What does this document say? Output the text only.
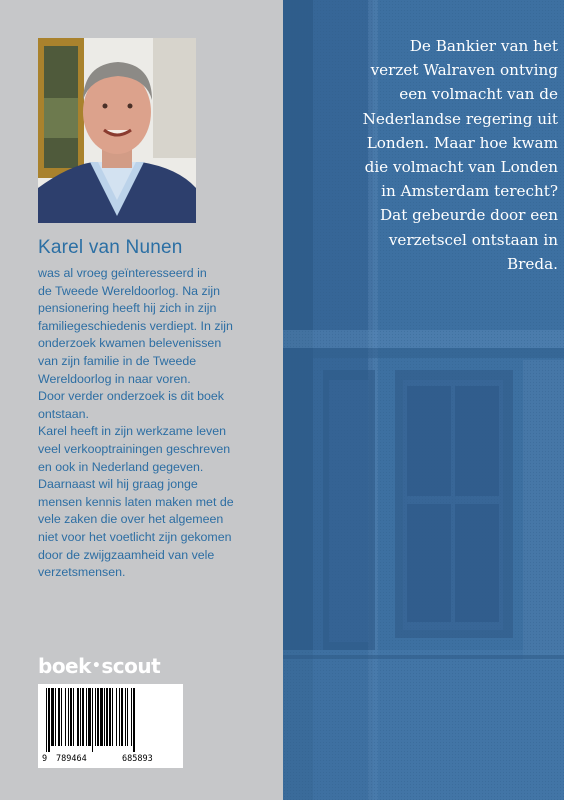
Karel van Nunen

was al vroeg geïnteresseerd in

de Tweede Wereldoorlog. Na zijn

pensionering heeft hij zich in zijn

familiegeschiedenis verdiept. In zijn

onderzoek kwamen belevenissen

van zijn familie in de Tweede

Wereldoorlog in naar voren.

Door verder onderzoek is dit boek

ontstaan.

Karel heeft in zijn werkzame leven

veel verkooptrainingen geschreven

en ook in Nederland gegeven.

Daarnaast wil hij graag jonge

mensen kennis laten maken met de

vele zaken die over het algemeen

niet voor het voetlicht zijn gekomen

door de zwijgzaamheid van vele

verzetsmensen.

boek•scout
9 789464	685893

De Bankier van het

verzet Walraven ontving

een volmacht van de

Nederlandse regering uit

Londen. Maar hoe kwam

die volmacht van Londen

in Amsterdam terecht?

Dat gebeurde door een

verzetscel ontstaan in

Breda.
